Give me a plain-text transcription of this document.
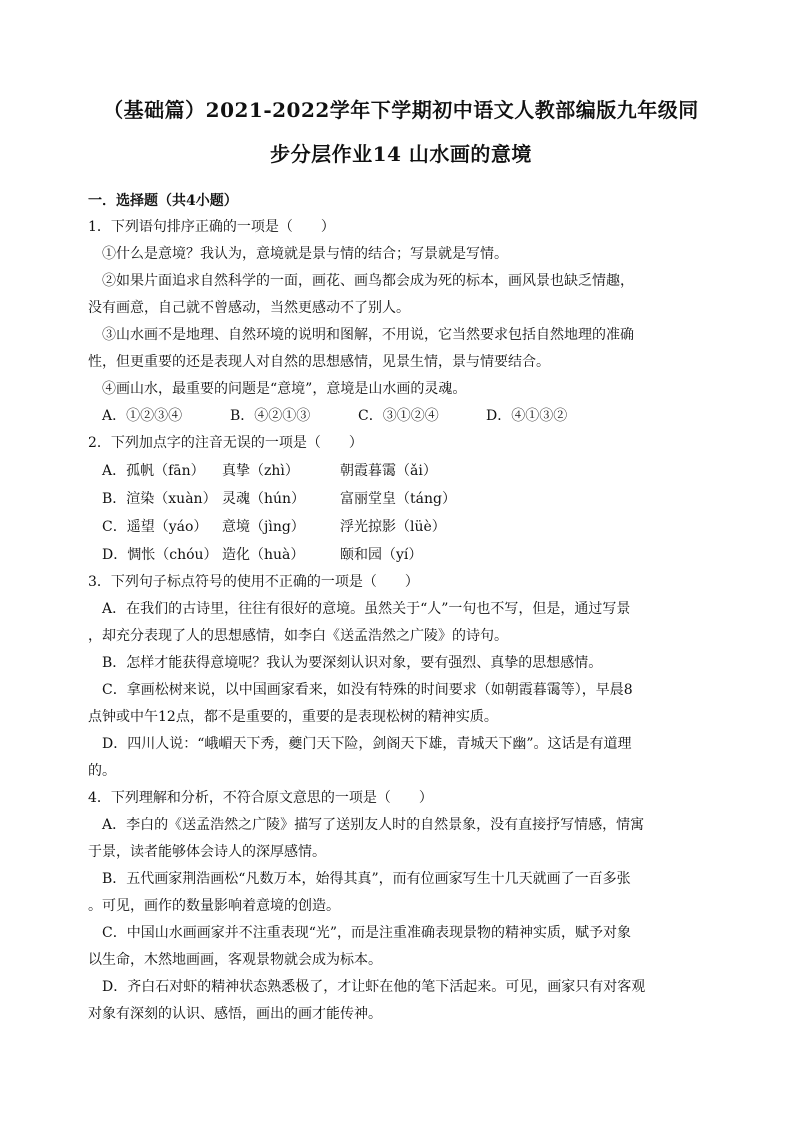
（基础篇）2021-2022学年下学期初中语文人教部编版九年级同
步分层作业14 山水画的意境
一．选择题（共4小题）
1．下列语句排序正确的一项是（　　）
①什么是意境？我认为，意境就是景与情的结合；写景就是写情。
②如果片面追求自然科学的一面，画花、画鸟都会成为死的标本，画风景也缺乏情趣，
没有画意，自己就不曾感动，当然更感动不了别人。
③山水画不是地理、自然环境的说明和图解，不用说，它当然要求包括自然地理的准确
性，但更重要的还是表现人对自然的思想感情，见景生情，景与情要结合。
④画山水，最重要的问题是“意境”，意境是山水画的灵魂。
A．①②③④	B．④②①③	C．③①②④	D．④①③②
2．下列加点字的注音无误的一项是（　　）
A．孤帆（fān）	真挚（zhì）	朝霞暮霭（ǎi）
B．渲染（xuàn） 灵魂（hún）	富丽堂皇（táng）
C．遥望（yáo）	意境（jìng）	浮光掠影（lüè）
D．惆怅（chóu） 造化（huà）	颐和园（yí）
3．下列句子标点符号的使用不正确的一项是（　　）
A．在我们的古诗里，往往有很好的意境。虽然关于“人”一句也不写，但是，通过写景
，却充分表现了人的思想感情，如李白《送孟浩然之广陵》的诗句。
B．怎样才能获得意境呢？我认为要深刻认识对象，要有强烈、真挚的思想感情。
C．拿画松树来说，以中国画家看来，如没有特殊的时间要求（如朝霞暮霭等），早晨8
点钟或中午12点，都不是重要的，重要的是表现松树的精神实质。
D．四川人说：“峨嵋天下秀，夔门天下险，剑阁天下雄，青城天下幽”。这话是有道理
的。
4．下列理解和分析，不符合原文意思的一项是（　　）
A．李白的《送孟浩然之广陵》描写了送别友人时的自然景象，没有直接抒写情感，情寓
于景，读者能够体会诗人的深厚感情。
B．五代画家荆浩画松“凡数万本，始得其真”，而有位画家写生十几天就画了一百多张
。可见，画作的数量影响着意境的创造。
C．中国山水画画家并不注重表现“光”，而是注重准确表现景物的精神实质，赋予对象
以生命，木然地画画，客观景物就会成为标本。
D．齐白石对虾的精神状态熟悉极了，才让虾在他的笔下活起来。可见，画家只有对客观
对象有深刻的认识、感悟，画出的画才能传神。
